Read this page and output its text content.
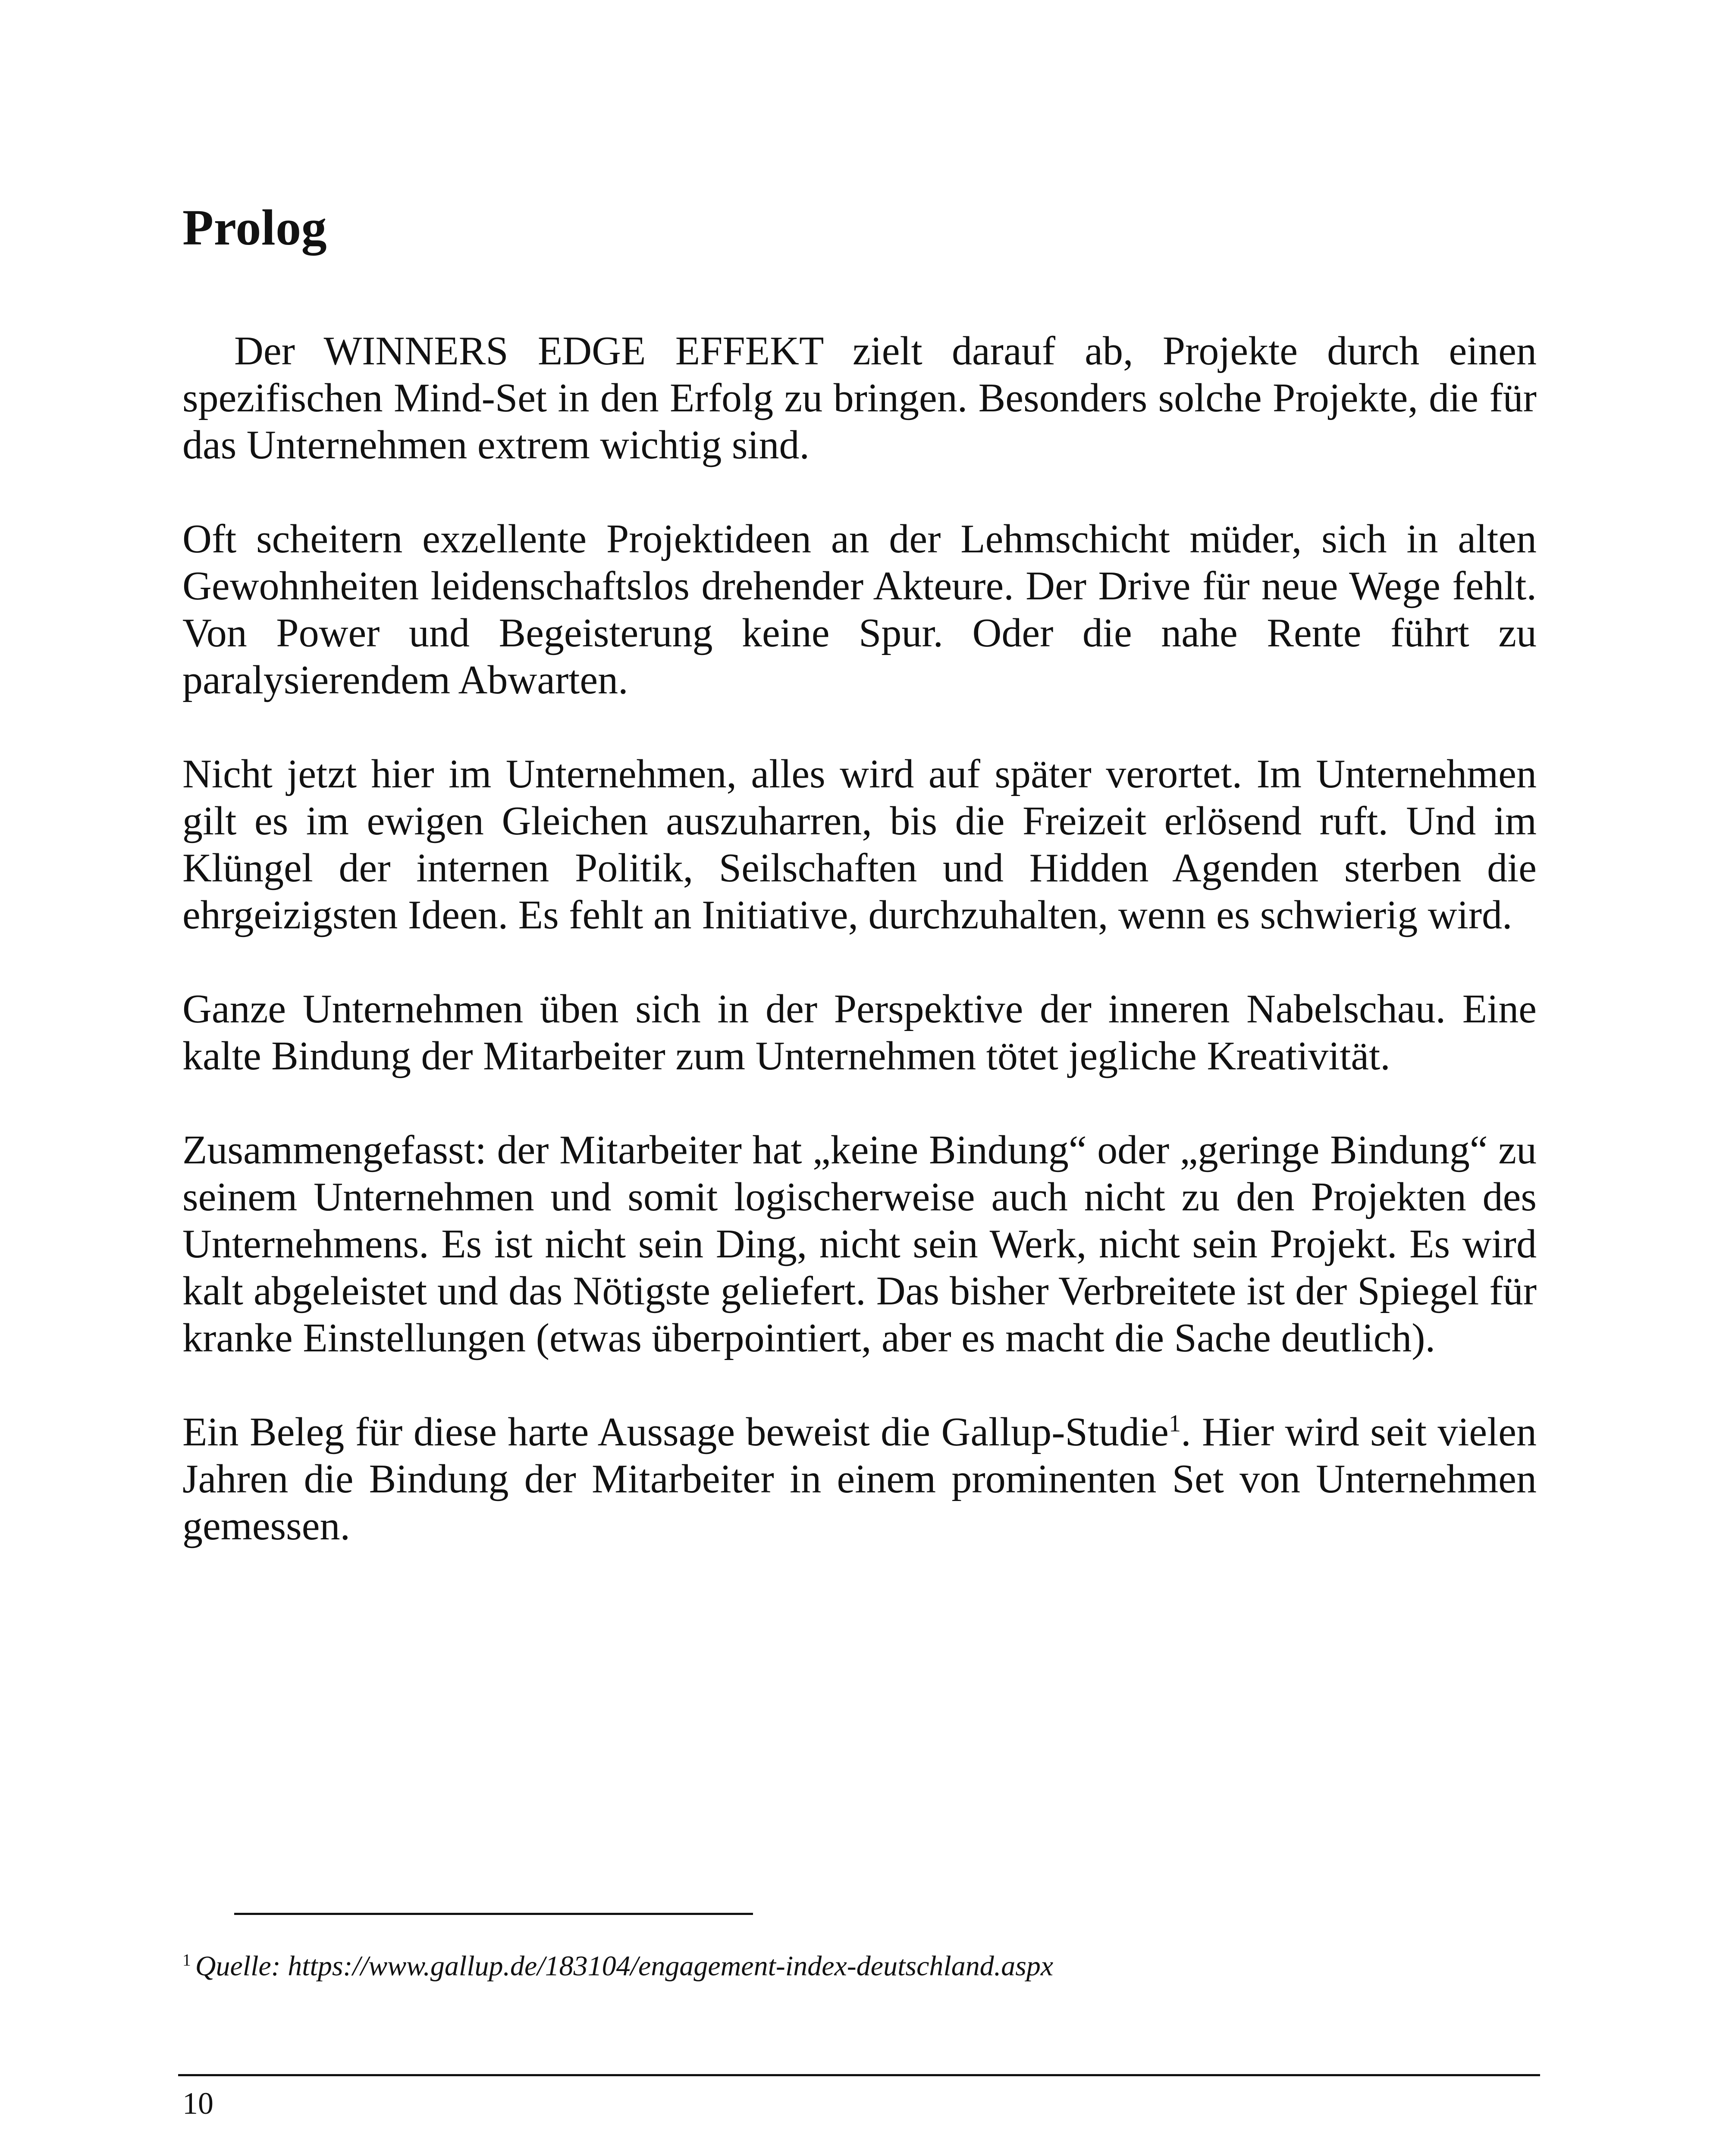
Prolog

Der WINNERS EDGE EFFEKT zielt darauf ab, Projekte durch einen spezifischen Mind-Set in den Erfolg zu bringen. Besonders solche Projekte, die für das Unternehmen extrem wichtig sind.

Oft scheitern exzellente Projektideen an der Lehmschicht müder, sich in alten Gewohnheiten leidenschaftslos drehender Akteure. Der Drive für neue Wege fehlt. Von Power und Begeisterung keine Spur. Oder die nahe Rente führt zu paralysierendem Abwarten.

Nicht jetzt hier im Unternehmen, alles wird auf später verortet. Im Unternehmen gilt es im ewigen Gleichen auszuharren, bis die Freizeit erlösend ruft. Und im Klüngel der internen Politik, Seilschaften und Hidden Agenden sterben die ehrgeizigsten Ideen. Es fehlt an Initiative, durchzuhalten, wenn es schwierig wird.

Ganze Unternehmen üben sich in der Perspektive der inneren Nabelschau. Eine kalte Bindung der Mitarbeiter zum Unternehmen tötet jegliche Kreativität.

Zusammengefasst: der Mitarbeiter hat „keine Bindung“ oder „geringe Bindung“ zu seinem Unternehmen und somit logischerweise auch nicht zu den Projekten des Unternehmens. Es ist nicht sein Ding, nicht sein Werk, nicht sein Projekt. Es wird kalt abgeleistet und das Nötigste geliefert. Das bisher Verbreitete ist der Spiegel für kranke Einstellungen (etwas überpointiert, aber es macht die Sache deutlich).

Ein Beleg für diese harte Aussage beweist die Gallup-Studie$^1$. Hier wird seit vielen Jahren die Bindung der Mitarbeiter in einem prominenten Set von Unternehmen gemessen.

$^1$ Quelle: https://www.gallup.de/183104/engagement-index-deutschland.aspx
10
